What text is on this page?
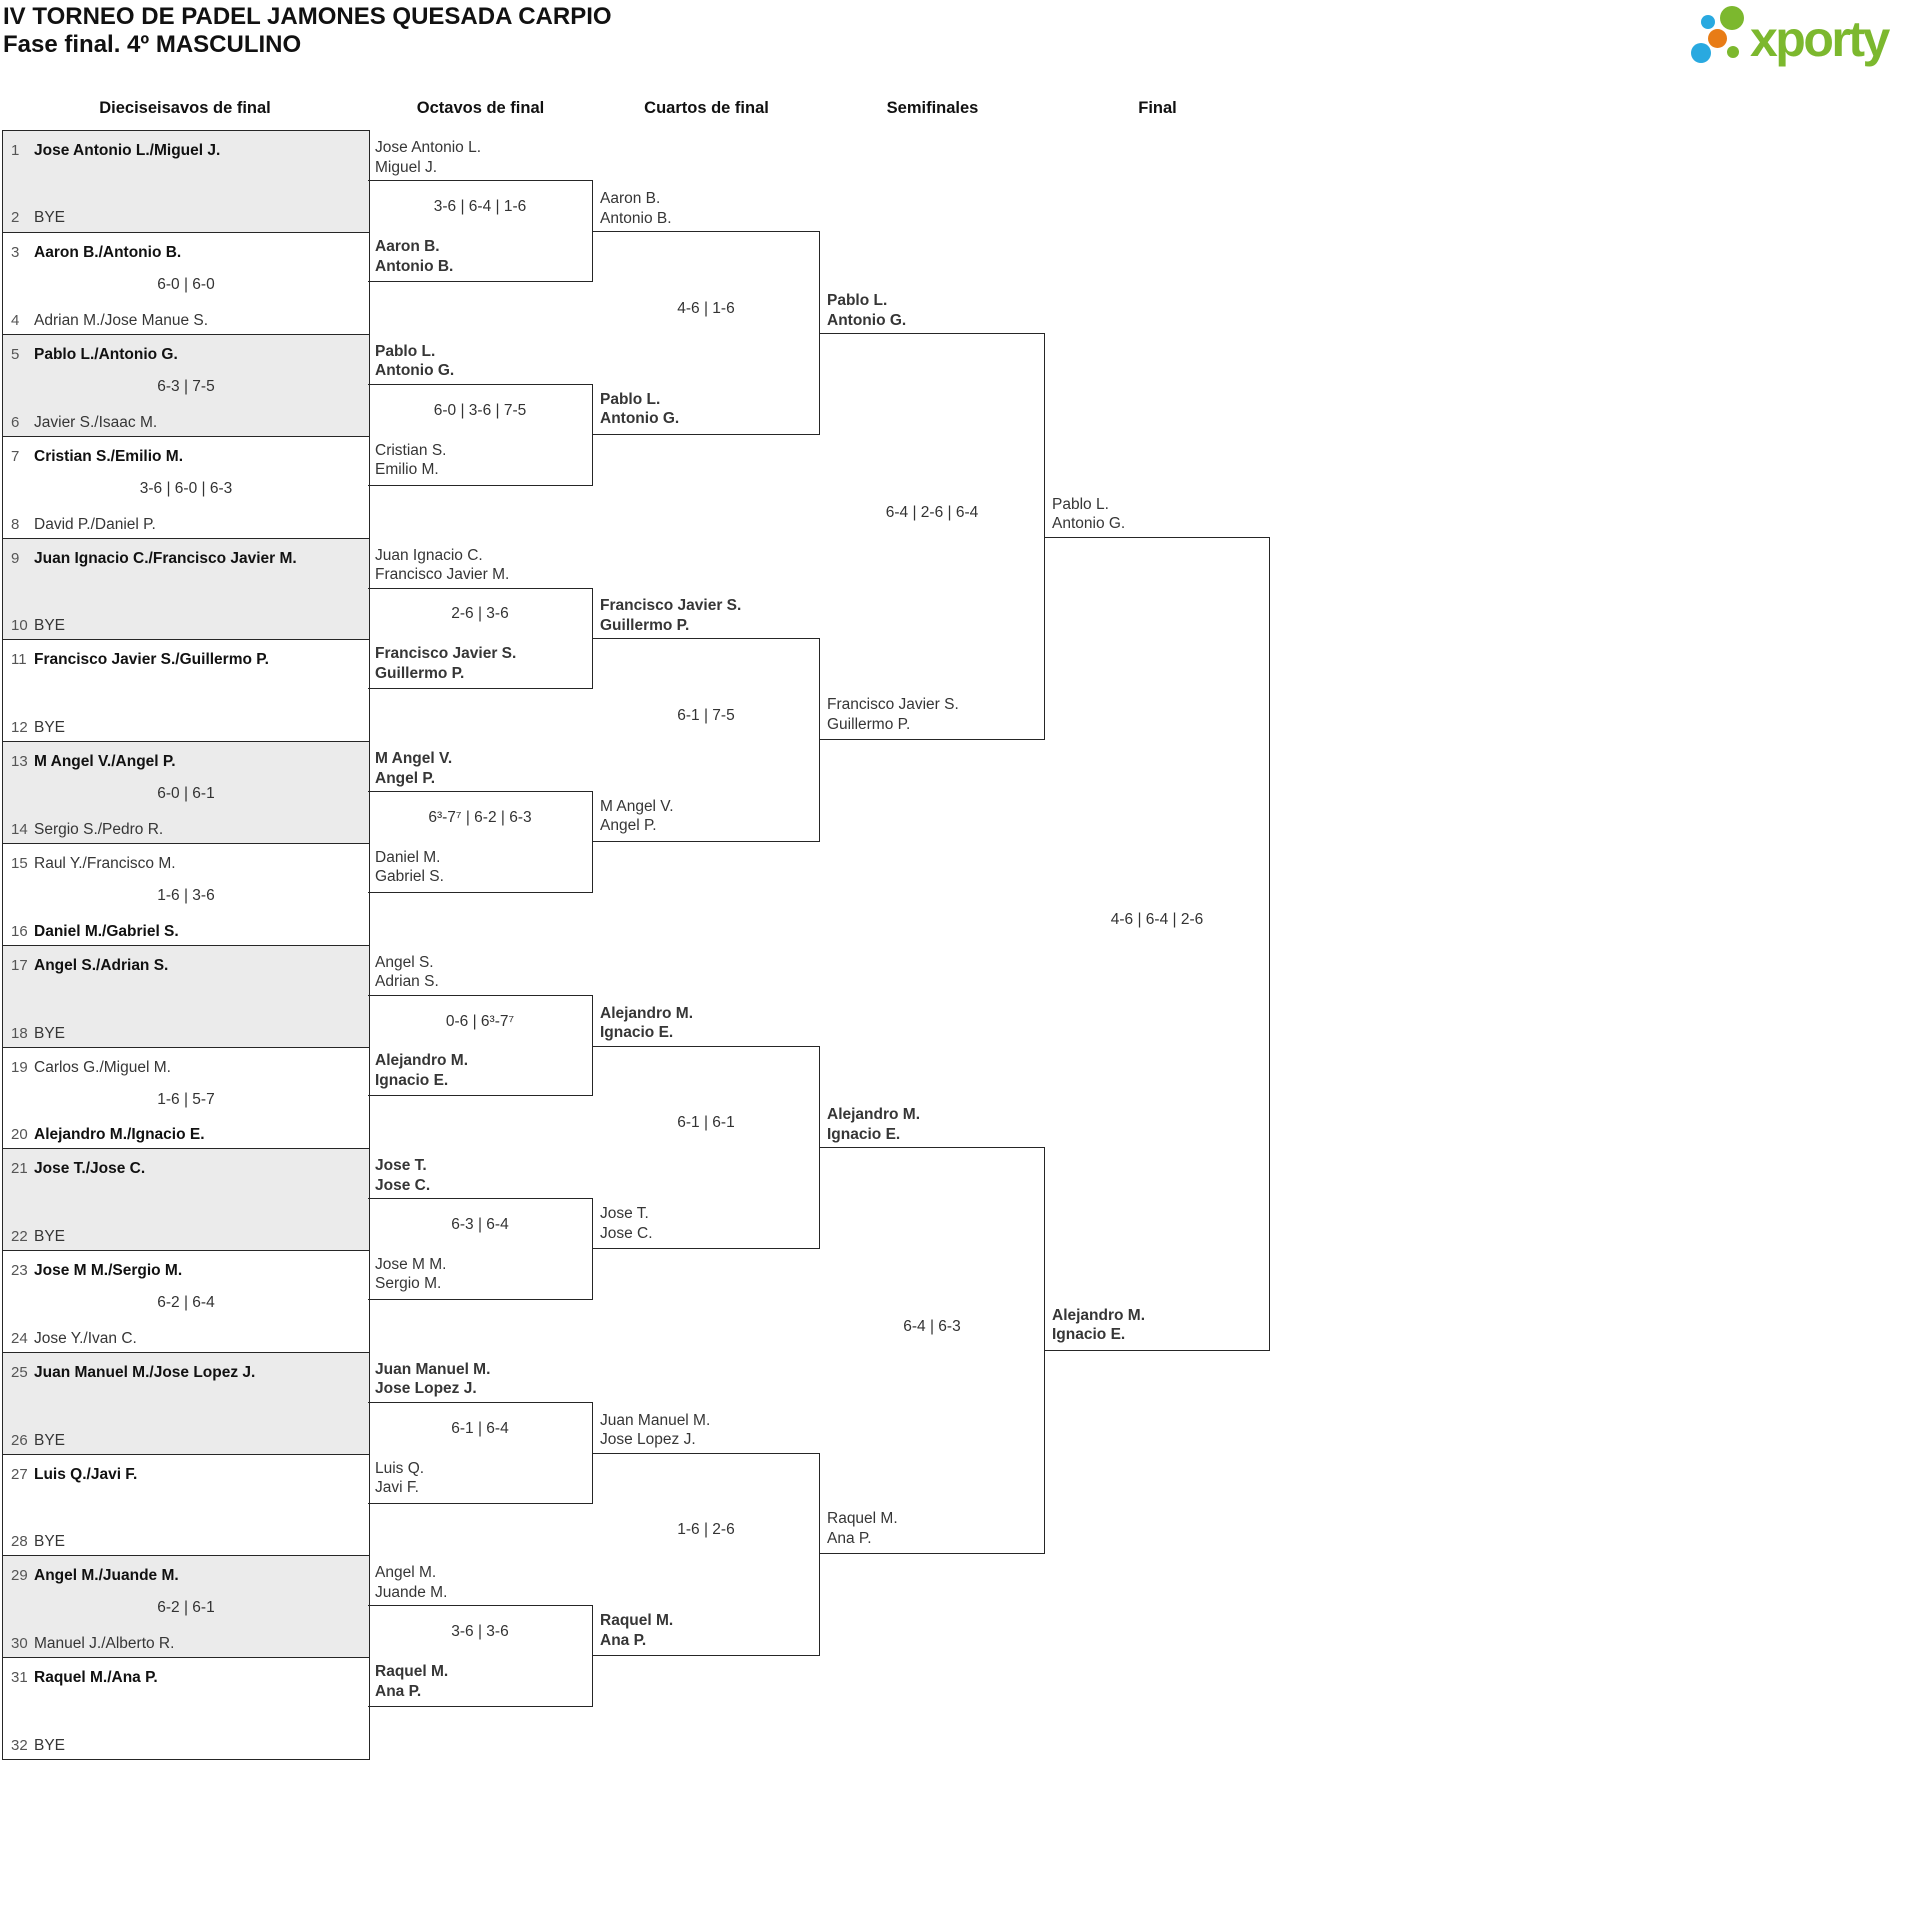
IV TORNEO DE PADEL JAMONES QUESADA CARPIO
Fase final. 4º MASCULINO	xporty
Dieciseisavos de final	Octavos de final	Cuartos de final	Semifinales	Final
1 Jose Antonio L./Miguel J.
2 BYE
3 Aaron B./Antonio B.
4 Adrian M./Jose Manue S.
6-0 | 6-0
5 Pablo L./Antonio G.
6 Javier S./Isaac M.
6-3 | 7-5
7 Cristian S./Emilio M.
8 David P./Daniel P.
3-6 | 6-0 | 6-3
9 Juan Ignacio C./Francisco Javier M.
10 BYE
11 Francisco Javier S./Guillermo P.
12 BYE
13 M Angel V./Angel P.
14 Sergio S./Pedro R.
6-0 | 6-1
15 Raul Y./Francisco M.
16 Daniel M./Gabriel S.
1-6 | 3-6
17 Angel S./Adrian S.
18 BYE
19 Carlos G./Miguel M.
20 Alejandro M./Ignacio E.
1-6 | 5-7
21 Jose T./Jose C.
22 BYE
23 Jose M M./Sergio M.
24 Jose Y./Ivan C.
6-2 | 6-4
25 Juan Manuel M./Jose Lopez J.
26 BYE
27 Luis Q./Javi F.
28 BYE
29 Angel M./Juande M.
30 Manuel J./Alberto R.
6-2 | 6-1
31 Raquel M./Ana P.
32 BYE
Jose Antonio L.
Miguel J.
Aaron B.
Antonio B.
3-6 | 6-4 | 1-6
Pablo L.
Antonio G.
Cristian S.
Emilio M.
6-0 | 3-6 | 7-5
Juan Ignacio C.
Francisco Javier M.
Francisco Javier S.
Guillermo P.
2-6 | 3-6
M Angel V.
Angel P.
Daniel M.
Gabriel S.
6³-7⁷ | 6-2 | 6-3
Angel S.
Adrian S.
Alejandro M.
Ignacio E.
0-6 | 6³-7⁷
Jose T.
Jose C.
Jose M M.
Sergio M.
6-3 | 6-4
Juan Manuel M.
Jose Lopez J.
Luis Q.
Javi F.
6-1 | 6-4
Angel M.
Juande M.
Raquel M.
Ana P.
3-6 | 3-6
Aaron B.
Antonio B.
Pablo L.
Antonio G.
4-6 | 1-6
Francisco Javier S.
Guillermo P.
M Angel V.
Angel P.
6-1 | 7-5
Alejandro M.
Ignacio E.
Jose T.
Jose C.
6-1 | 6-1
Juan Manuel M.
Jose Lopez J.
Raquel M.
Ana P.
1-6 | 2-6
Pablo L.
Antonio G.
Francisco Javier S.
Guillermo P.
6-4 | 2-6 | 6-4
Alejandro M.
Ignacio E.
Raquel M.
Ana P.
6-4 | 6-3
Pablo L.
Antonio G.
Alejandro M.
Ignacio E.
4-6 | 6-4 | 2-6
